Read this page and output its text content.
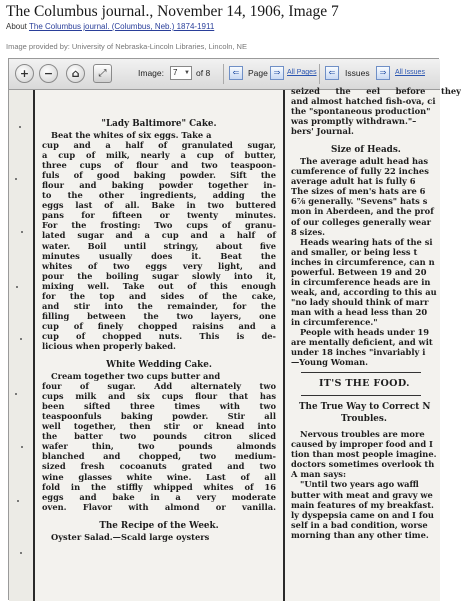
The Columbus journal., November 14, 1906, Image 7
About The Columbus journal. (Columbus, Neb.) 1874-1911
Image provided by: University of Nebraska-Lincoln Libraries, Lincoln, NE
+ − ⌂ ⤢	Image:	7 ▼ of 8	⇐	Page ⇒ All Pages	⇐	Issues	⇒	All Issues
"Lady Baltimore" Cake.
Beat the whites of six eggs. Take a
cup and a half of granulated sugar,
a cup of milk, nearly a cup of butter,
three cups of flour and two teaspoon-
fuls of good baking powder. Sift the
flour and baking powder together in-
to the other ingredients, adding the
eggs last of all. Bake in two buttered
pans for fifteen or twenty minutes.
For the frosting: Two cups of granu-
lated sugar and a cup and a half of
water. Boil until stringy, about five
minutes usually does it. Beat the
whites of two eggs very light, and
pour the boiling sugar slowly into it,
mixing well. Take out of this enough
for the top and sides of the cake,
and stir into the remainder, for the
filling between the two layers, one
cup of finely chopped raisins and a
cup of chopped nuts. This is de-
licious when properly baked.
White Wedding Cake.
Cream together two cups butter and
four of sugar. Add alternately two
cups milk and six cups flour that has
been sifted three times with two
teaspoonfuls baking powder. Stir all
well together, then stir or knead into
the batter two pounds citron sliced
wafer thin, two pounds almonds
blanched and chopped, two medium-
sized fresh cocoanuts grated and two
wine glasses white wine. Last of all
fold in the stiffly whipped whites of 16
eggs and bake in a very moderate
oven. Flavor with almond or vanilla.
The Recipe of the Week.
Oyster Salad.—Scald large oysters
seized the eel before they
and almost hatched fish-ova, ci
the "spontaneous production"
was promptly withdrawn."–
bers' Journal.
Size of Heads.
The average adult head has
cumference of fully 22 inches
average adult hat is fully 6
The sizes of men's hats are 6
6⅞ generally. "Sevens" hats s
mon in Aberdeen, and the prof
of our colleges generally wear
8 sizes.
Heads wearing hats of the si
and smaller, or being less t
inches in circumference, can n
powerful. Between 19 and 20
in circumference heads are in
weak, and, according to this au
"no lady should think of marr
man with a head less than 20
in circumference."
People with heads under 19
are mentally deficient, and wit
under 18 inches "invariably i
—Young Woman.
IT'S THE FOOD.
The True Way to Correct N
Troubles.
Nervous troubles are more
caused by improper food and I
tion than most people imagine.
doctors sometimes overlook th
A man says:
"Until two years ago waffl
butter with meat and gravy we
main features of my breakfast.
ly dyspepsia came on and I fou
self in a bad condition, worse
morning than any other time.
